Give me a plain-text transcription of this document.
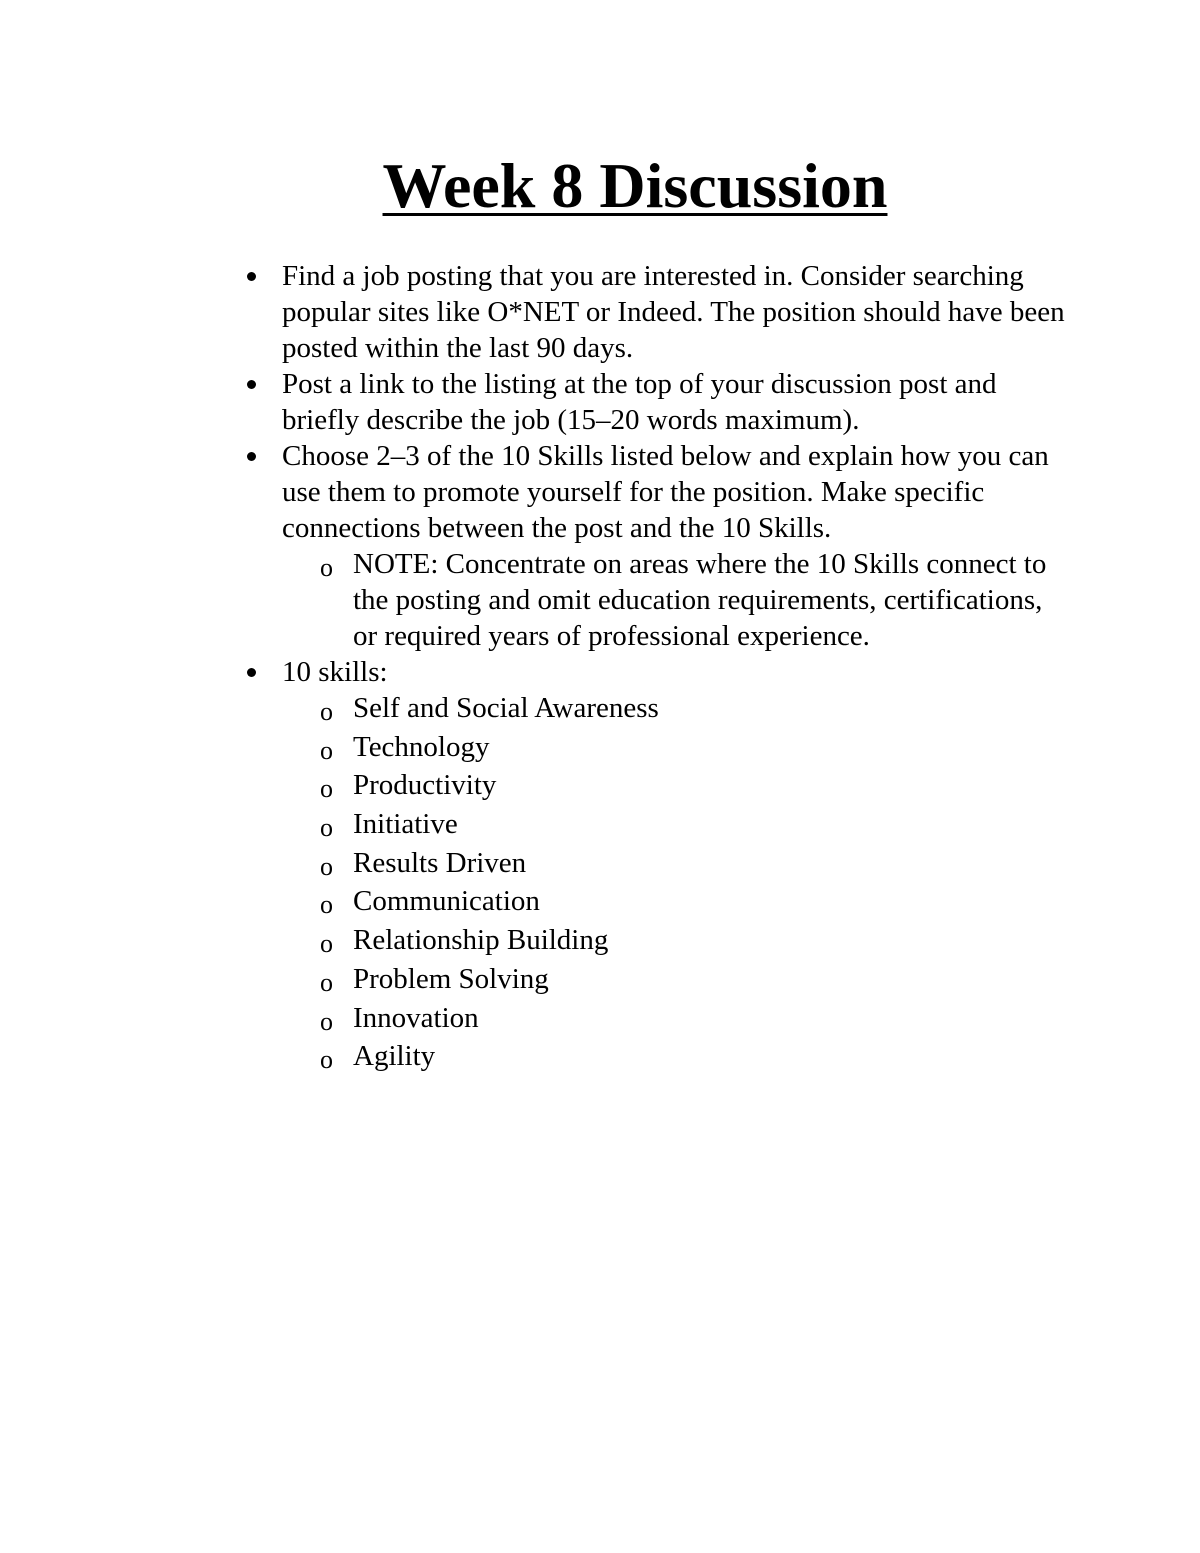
Week 8 Discussion
Find a job posting that you are interested in. Consider searching popular sites like O*NET or Indeed. The position should have been posted within the last 90 days.
Post a link to the listing at the top of your discussion post and briefly describe the job (15–20 words maximum).
Choose 2–3 of the 10 Skills listed below and explain how you can use them to promote yourself for the position. Make specific connections between the post and the 10 Skills.
o NOTE: Concentrate on areas where the 10 Skills connect to the posting and omit education requirements, certifications, or required years of professional experience.
10 skills:
o Self and Social Awareness
o Technology
o Productivity
o Initiative
o Results Driven
o Communication
o Relationship Building
o Problem Solving
o Innovation
o Agility
